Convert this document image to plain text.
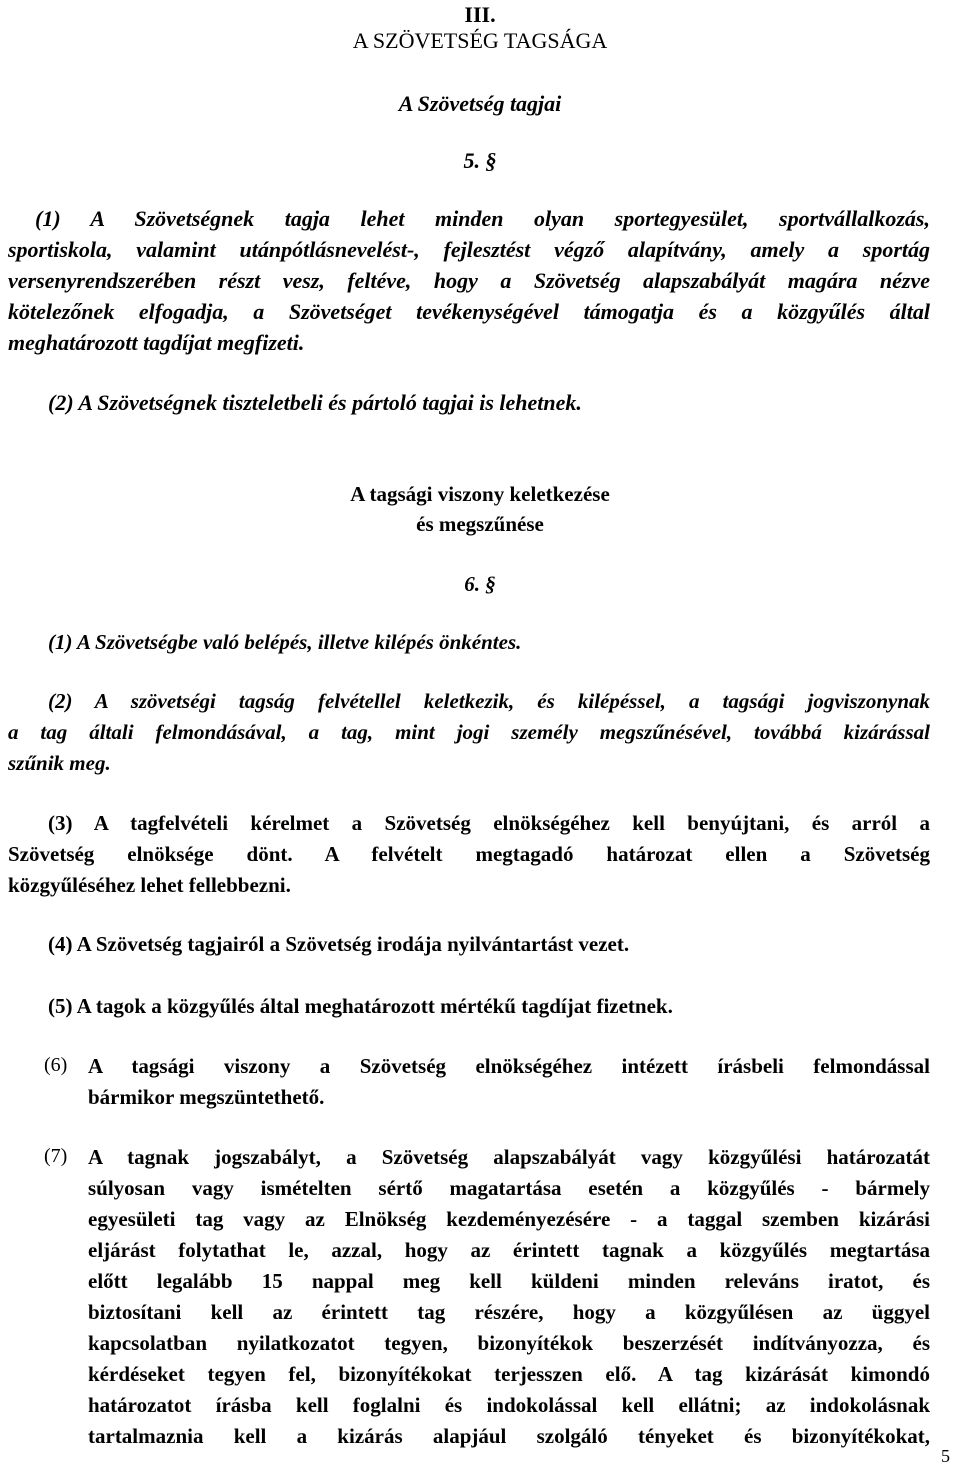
III.
A SZÖVETSÉG TAGSÁGA
A Szövetség tagjai
5. §
(1) A Szövetségnek tagja lehet minden olyan sportegyesület, sportvállalkozás,
sportiskola, valamint utánpótlásnevelést-, fejlesztést végző alapítvány, amely a sportág
versenyrendszerében részt vesz, feltéve, hogy a Szövetség alapszabályát magára nézve
kötelezőnek elfogadja, a Szövetséget tevékenységével támogatja és a közgyűlés által
meghatározott tagdíjat megfizeti.
(2) A Szövetségnek tiszteletbeli és pártoló tagjai is lehetnek.
A tagsági viszony keletkezése
és megszűnése
6. §
(1) A Szövetségbe való belépés, illetve kilépés önkéntes.
(2) A szövetségi tagság felvétellel keletkezik, és kilépéssel, a tagsági jogviszonynak
a tag általi felmondásával, a tag, mint jogi személy megszűnésével, továbbá kizárással
szűnik meg.
(3) A tagfelvételi kérelmet a Szövetség elnökségéhez kell benyújtani, és arról a
Szövetség elnöksége dönt. A felvételt megtagadó határozat ellen a Szövetség
közgyűléséhez lehet fellebbezni.
(4) A Szövetség tagjairól a Szövetség irodája nyilvántartást vezet.
(5) A tagok a közgyűlés által meghatározott mértékű tagdíjat fizetnek.
(6) A tagsági viszony a Szövetség elnökségéhez intézett írásbeli felmondással
bármikor megszüntethető.
(7) A tagnak jogszabályt, a Szövetség alapszabályát vagy közgyűlési határozatát
súlyosan vagy ismételten sértő magatartása esetén a közgyűlés - bármely
egyesületi tag vagy az Elnökség kezdeményezésére - a taggal szemben kizárási
eljárást folytathat le, azzal, hogy az érintett tagnak a közgyűlés megtartása
előtt legalább 15 nappal meg kell küldeni minden releváns iratot, és
biztosítani kell az érintett tag részére, hogy a közgyűlésen az üggyel
kapcsolatban nyilatkozatot tegyen, bizonyítékok beszerzését indítványozza, és
kérdéseket tegyen fel, bizonyítékokat terjesszen elő. A tag kizárását kimondó
határozatot írásba kell foglalni és indokolással kell ellátni; az indokolásnak
tartalmaznia kell a kizárás alapjául szolgáló tényeket és bizonyítékokat,
5
